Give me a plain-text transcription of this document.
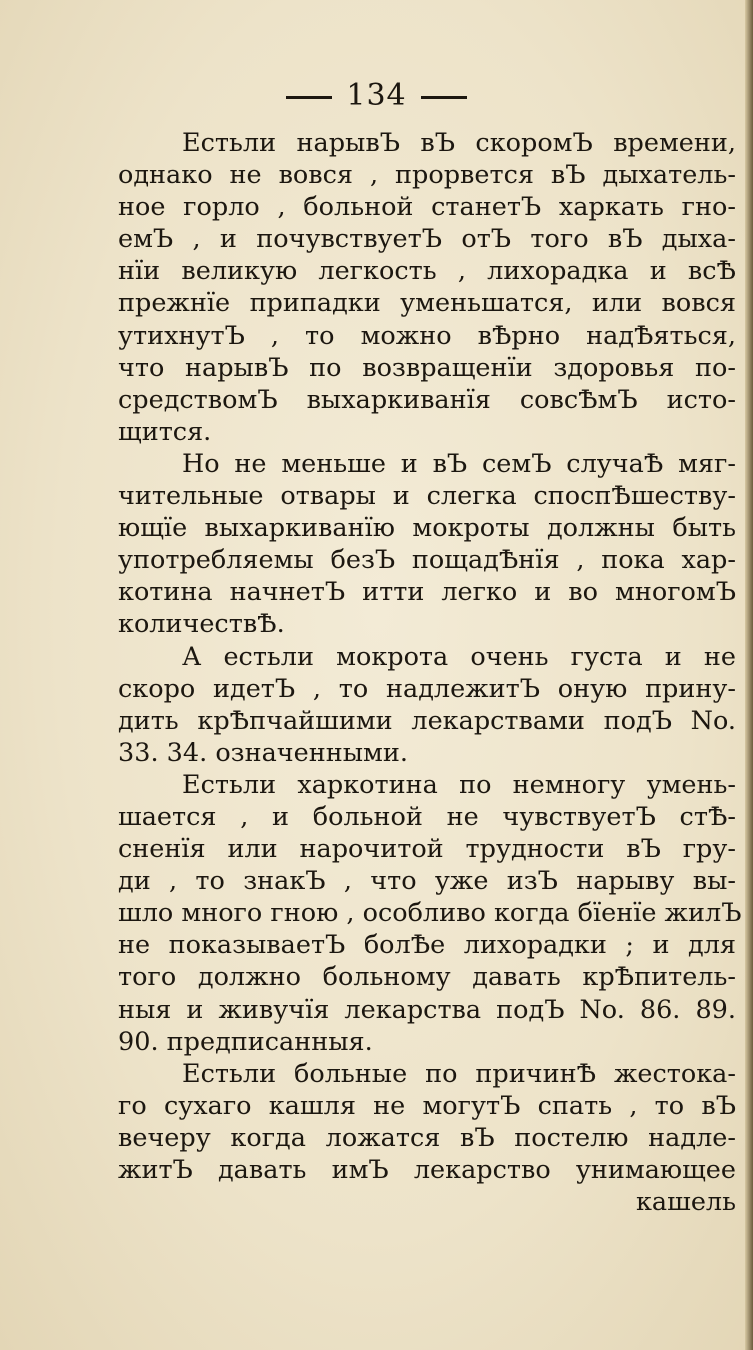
134
Естьли нарывЪ вЪ скоромЪ времени,
однако не вовся , прорвется вЪ дыхатель-
ное горло , больной станетЪ харкать гно-
емЪ , и почувствуетЪ отЪ того вЪ дыха-
нїи великую легкость , лихорадка и всѢ
прежнїе припадки уменьшатся, или вовся
утихнутЪ , то можно вѢрно надѢяться,
что нарывЪ по возвращенїи здоровья по-
средствомЪ выхаркиванїя совсѢмЪ исто-
щится.
Но не меньше и вЪ семЪ случаѢ мяг-
чительные отвары и слегка споспѢшеству-
ющїе выхаркиванїю мокроты должны быть
употребляемы безЪ пощадѢнїя , пока хар-
котина начнетЪ итти легко и во многомЪ
количествѢ.
А естьли мокрота очень густа и не
скоро идетЪ , то надлежитЪ оную прину-
дить крѢпчайшими лекарствами подЪ No.
33. 34. означенными.
Естьли харкотина по немногу умень-
шается , и больной не чувствуетЪ стѢ-
сненїя или нарочитой трудности вЪ гру-
ди , то знакЪ , что уже изЪ нарыву вы-
шло много гною , особливо когда бїенїе жилЪ
не показываетЪ болѢе лихорадки ; и для
того должно больному давать крѢпитель-
ныя и живучїя лекарства подЪ No. 86. 89.
90. предписанныя.
Естьли больные по причинѢ жестока-
го сухаго кашля не могутЪ спать , то вЪ
вечеру когда ложатся вЪ постелю надле-
житЪ давать имЪ лекарство унимающее
кашель
